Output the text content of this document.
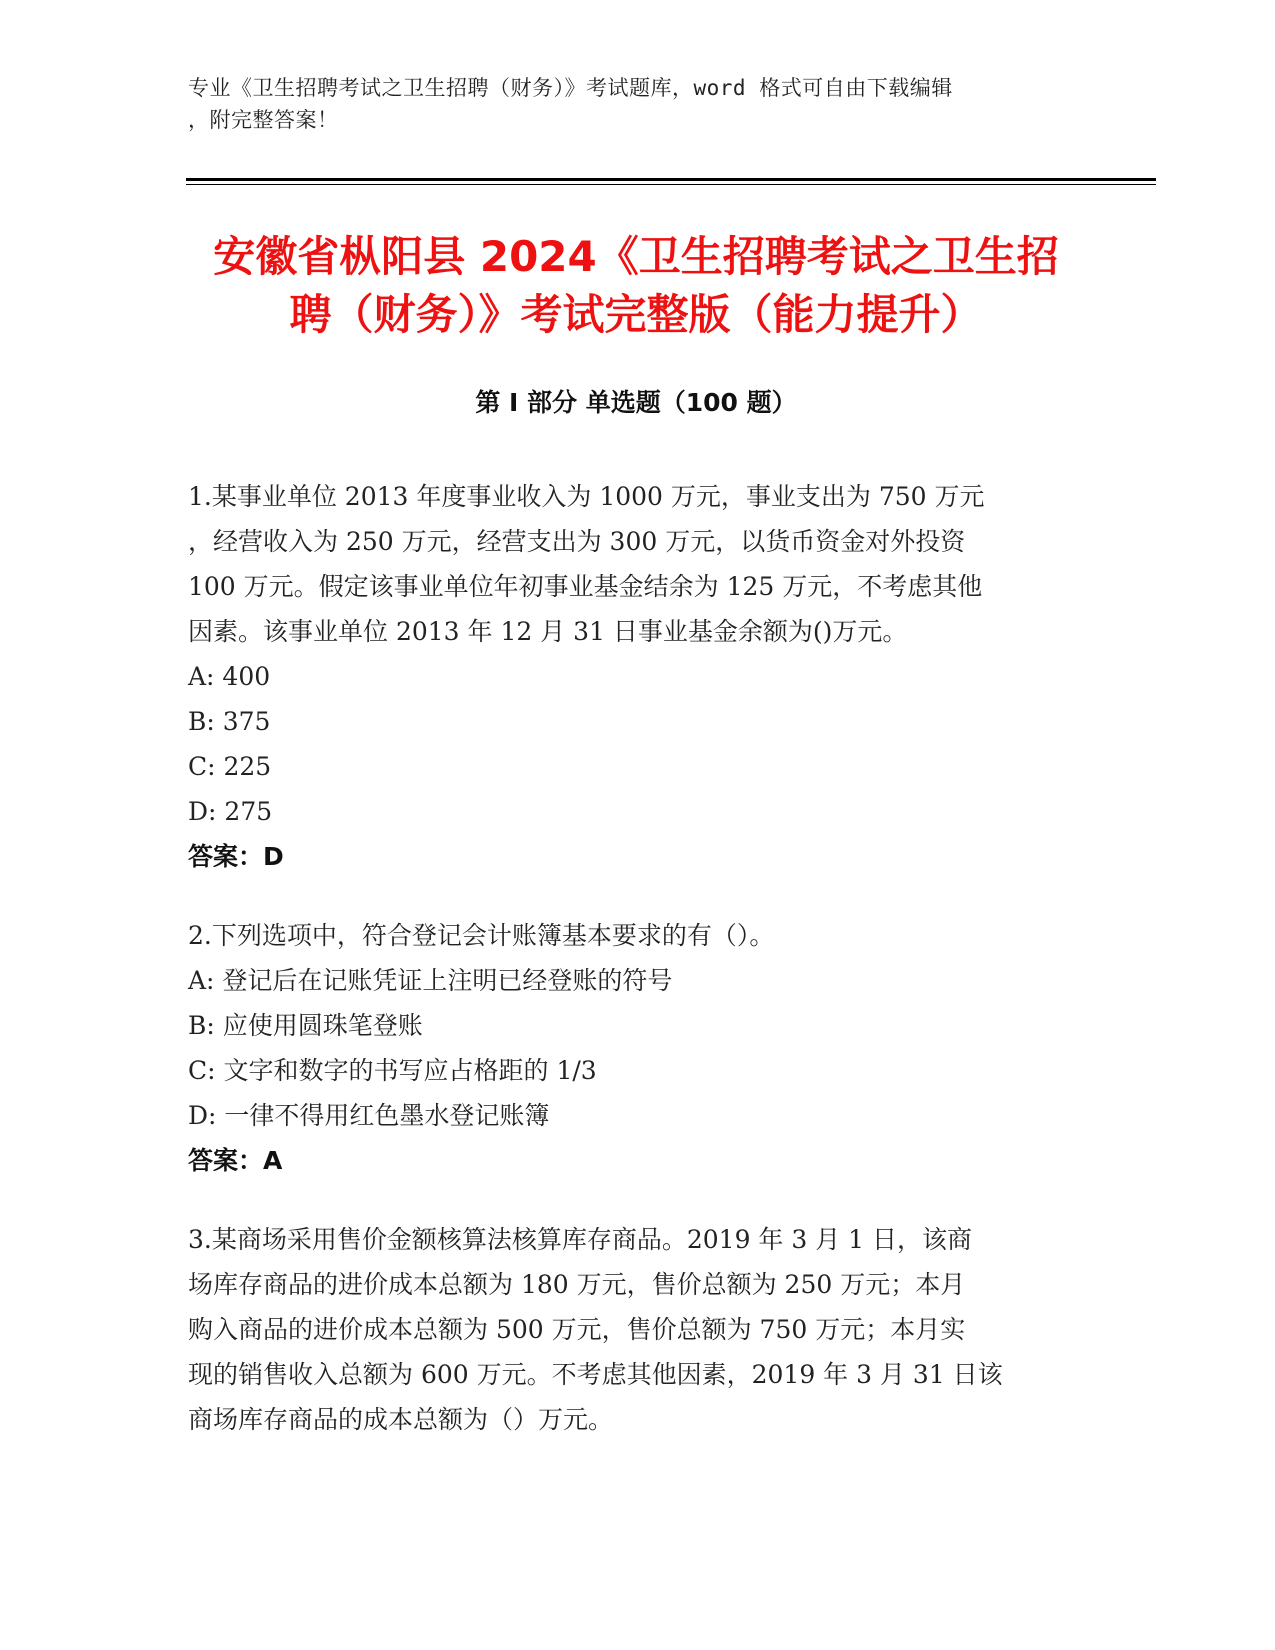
专业《卫生招聘考试之卫生招聘（财务）》考试题库，word 格式可自由下载编辑
，附完整答案！
安徽省枞阳县 2024《卫生招聘考试之卫生招
聘（财务）》考试完整版（能力提升）
第 I 部分 单选题（100 题）

1.某事业单位 2013 年度事业收入为 1000 万元，事业支出为 750 万元

，经营收入为 250 万元，经营支出为 300 万元，以货币资金对外投资

100 万元。假定该事业单位年初事业基金结余为 125 万元，不考虑其他

因素。该事业单位 2013 年 12 月 31 日事业基金余额为()万元。

A: 400

B: 375

C: 225

D: 275

答案：D

2.下列选项中，符合登记会计账簿基本要求的有（）。

A: 登记后在记账凭证上注明已经登账的符号

B: 应使用圆珠笔登账

C: 文字和数字的书写应占格距的 1/3

D: 一律不得用红色墨水登记账簿

答案：A

3.某商场采用售价金额核算法核算库存商品。2019 年 3 月 1 日，该商

场库存商品的进价成本总额为 180 万元，售价总额为 250 万元；本月

购入商品的进价成本总额为 500 万元，售价总额为 750 万元；本月实

现的销售收入总额为 600 万元。不考虑其他因素，2019 年 3 月 31 日该

商场库存商品的成本总额为（）万元。
